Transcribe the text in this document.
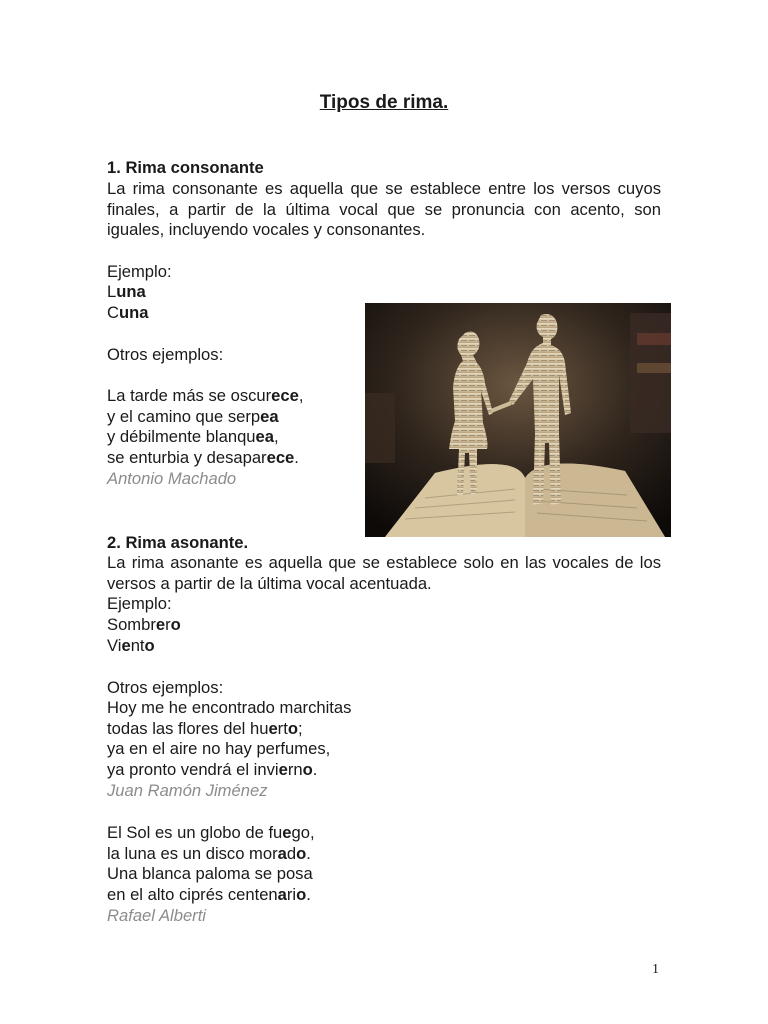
Tipos de rima.

1. Rima consonante

La rima consonante es aquella que se establece entre los versos cuyos finales, a partir de la última vocal que se pronuncia con acento, son iguales, incluyendo vocales y consonantes.

Ejemplo:

Luna

Cuna

Otros ejemplos:

La tarde más se oscurece,
y el camino que serpea
y débilmente blanquea,
se enturbia y desaparece.

Antonio Machado

2. Rima asonante.

La rima asonante es aquella que se establece solo en las vocales de los versos a partir de la última vocal acentuada.

Ejemplo:

Sombrero

Viento

Otros ejemplos:

Hoy me he encontrado marchitas
todas las flores del huerto;
ya en el aire no hay perfumes,
ya pronto vendrá el invierno.

Juan Ramón Jiménez

El Sol es un globo de fuego,
la luna es un disco morado.
Una blanca paloma se posa
en el alto ciprés centenario.

Rafael Alberti

1
